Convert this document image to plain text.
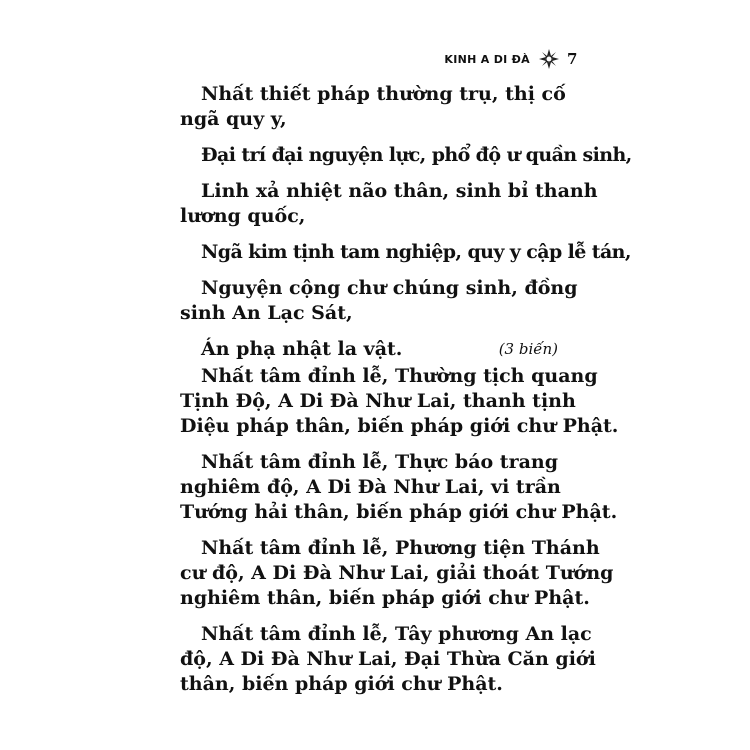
KINH A DI ĐÀ 7
Nhất thiết pháp thường trụ, thị cố
ngã quy y,
Đại trí đại nguyện lực, phổ độ ư quần sinh,
Linh xả nhiệt não thân, sinh bỉ thanh
lương quốc,
Ngã kim tịnh tam nghiệp, quy y cập lễ tán,
Nguyện cộng chư chúng sinh, đồng
sinh An Lạc Sát,
Án phạ nhật la vật.	(3 biến)
Nhất tâm đỉnh lễ, Thường tịch quang
Tịnh Độ, A Di Đà Như Lai, thanh tịnh
Diệu pháp thân, biến pháp giới chư Phật.
Nhất tâm đỉnh lễ, Thực báo trang
nghiêm độ, A Di Đà Như Lai, vi trần
Tướng hải thân, biến pháp giới chư Phật.
Nhất tâm đỉnh lễ, Phương tiện Thánh
cư độ, A Di Đà Như Lai, giải thoát Tướng
nghiêm thân, biến pháp giới chư Phật.
Nhất tâm đỉnh lễ, Tây phương An lạc
độ, A Di Đà Như Lai, Đại Thừa Căn giới
thân, biến pháp giới chư Phật.
